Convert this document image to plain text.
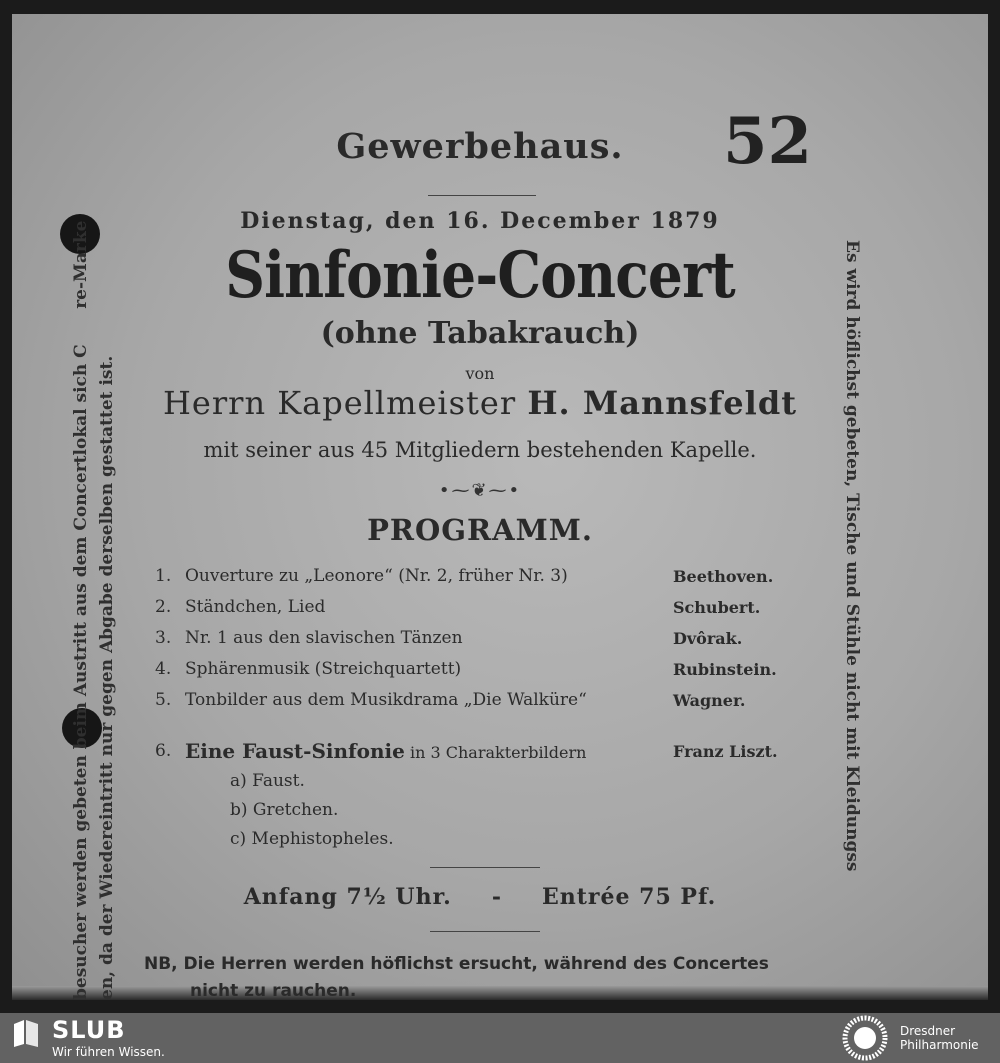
Gewerbehaus.	52
Dienstag, den 16. December 1879
Sinfonie-Concert
(ohne Tabakrauch)
von
Herrn Kapellmeister H. Mannsfeldt
mit seiner aus 45 Mitgliedern bestehenden Kapelle.
•⁓❦⁓•
PROGRAMM.
1. Ouverture zu „Leonore“ (Nr. 2, früher Nr. 3)	Beethoven.
2. Ständchen, Lied	Schubert.
3. Nr. 1 aus den slavischen Tänzen	Dvôrak.
4. Sphärenmusik (Streichquartett)	Rubinstein.
5. Tonbilder aus dem Musikdrama „Die Walküre“	Wagner.
6. Eine Faust-Sinfonie in 3 Charakterbildern	Franz Liszt.
a) Faust.
b) Gretchen.
c) Mephistopheles.
Anfang 7½ Uhr. - Entrée 75 Pf.
NB, Die Herren werden höflichst ersucht, während des Concertes
nicht zu rauchen.
besucher werden gebeten beim Austritt aus dem Concertlokal sich C      re-Marke
en, da der Wiedereintritt nur gegen Abgabe derselben gestattet ist.	Es wird höflichst gebeten, Tische und Stühle nicht mit Kleidungss
SLUB
Wir führen Wissen.
Dresdner
Philharmonie
